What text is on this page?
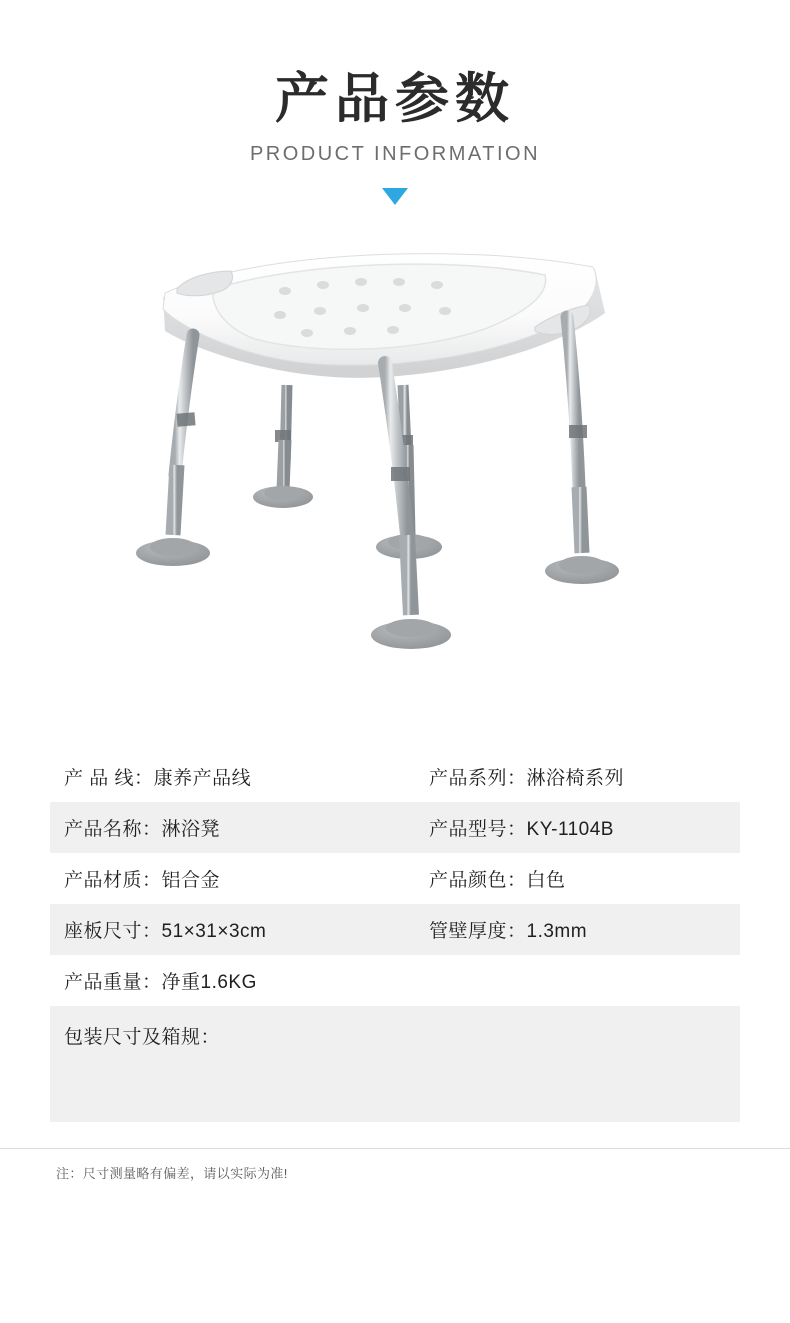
产品参数
PRODUCT INFORMATION
产 品 线：康养产品线	产品系列：淋浴椅系列
产品名称：淋浴凳	产品型号：KY-1104B
产品材质：铝合金	产品颜色：白色
座板尺寸：51×31×3cm	管壁厚度：1.3mm
产品重量：净重1.6KG	
包装尺寸及箱规：	
注：尺寸测量略有偏差，请以实际为准!
